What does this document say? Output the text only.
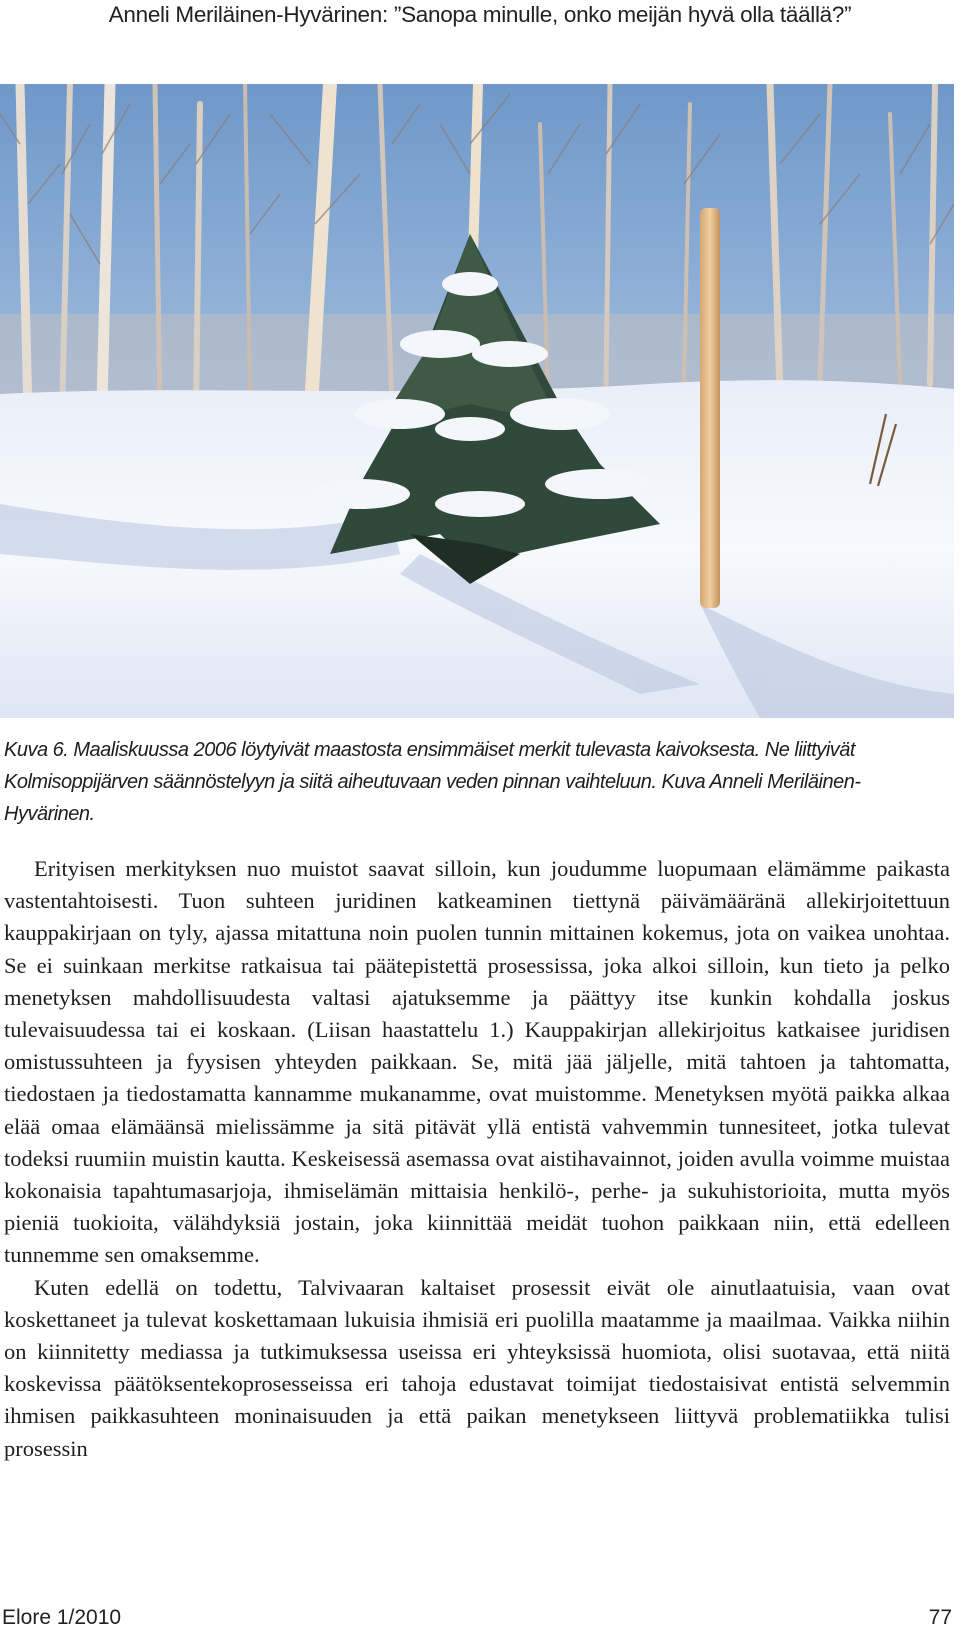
Anneli Meriläinen-Hyvärinen: ”Sanopa minulle, onko meijän hyvä olla täällä?”

Kuva 6. Maaliskuussa 2006 löytyivät maastosta ensimmäiset merkit tulevasta kaivoksesta. Ne liittyivät Kolmisoppijärven säännöstelyyn ja siitä aiheutuvaan veden pinnan vaihteluun. Kuva Anneli Meriläinen-Hyvärinen.

Erityisen merkityksen nuo muistot saavat silloin, kun joudumme luopumaan elämämme paikasta vastentahtoisesti. Tuon suhteen juridinen katkeaminen tiettynä päivämääränä allekirjoitettuun kauppakirjaan on tyly, ajassa mitattuna noin puolen tunnin mittainen kokemus, jota on vaikea unohtaa. Se ei suinkaan merkitse ratkaisua tai päätepistettä prosessissa, joka alkoi silloin, kun tieto ja pelko menetyksen mahdollisuudesta valtasi ajatuksemme ja päättyy itse kunkin kohdalla joskus tulevaisuudessa tai ei koskaan. (Liisan haastattelu 1.) Kauppakirjan allekirjoitus katkaisee juridisen omistussuhteen ja fyysisen yhteyden paikkaan. Se, mitä jää jäljelle, mitä tahtoen ja tahtomatta, tiedostaen ja tiedostamatta kannamme mukanamme, ovat muistomme. Menetyksen myötä paikka alkaa elää omaa elämäänsä mielissämme ja sitä pitävät yllä entistä vahvemmin tunnesiteet, jotka tulevat todeksi ruumiin muistin kautta. Keskeisessä asemassa ovat aistihavainnot, joiden avulla voimme muistaa kokonaisia tapahtumasarjoja, ihmiselämän mittaisia henkilö-, perhe- ja sukuhistorioita, mutta myös pieniä tuokioita, välähdyksiä jostain, joka kiinnittää meidät tuohon paikkaan niin, että edelleen tunnemme sen omaksemme.

Kuten edellä on todettu, Talvivaaran kaltaiset prosessit eivät ole ainutlaatuisia, vaan ovat koskettaneet ja tulevat koskettamaan lukuisia ihmisiä eri puolilla maatamme ja maailmaa. Vaikka niihin on kiinnitetty mediassa ja tutkimuksessa useissa eri yhteyksissä huomiota, olisi suotavaa, että niitä koskevissa päätöksentekoprosesseissa eri tahoja edustavat toimijat tiedostaisivat entistä selvemmin ihmisen paikkasuhteen moninaisuuden ja että paikan menetykseen liittyvä problematiikka tulisi prosessin

Elore 1/2010	77
